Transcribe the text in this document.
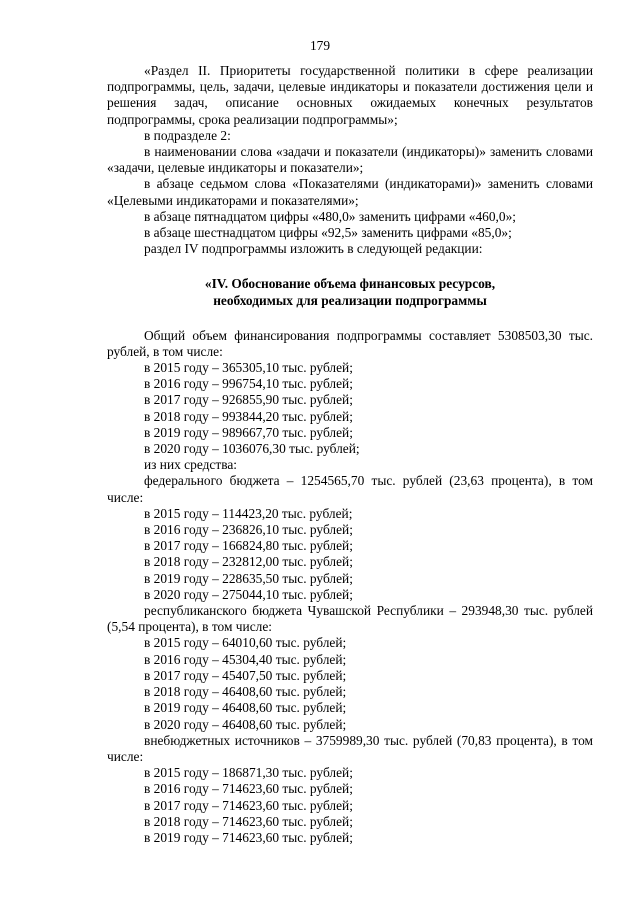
179

«Раздел II. Приоритеты государственной политики в сфере реализации подпрограммы, цель, задачи, целевые индикаторы и показатели достижения цели и решения задач, описание основных ожидаемых конечных результатов подпрограммы, срока реализации подпрограммы»;

в подразделе 2:

в наименовании слова «задачи и показатели (индикаторы)» заменить словами «задачи, целевые индикаторы и показатели»;

в абзаце седьмом слова «Показателями (индикаторами)» заменить словами «Целевыми индикаторами и показателями»;

в абзаце пятнадцатом цифры «480,0» заменить цифрами «460,0»;

в абзаце шестнадцатом цифры «92,5» заменить цифрами «85,0»;

раздел IV подпрограммы изложить в следующей редакции:

«IV. Обоснование объема финансовых ресурсов,
необходимых для реализации подпрограммы

Общий объем финансирования подпрограммы составляет 5308503,30 тыс. рублей, в том числе:

в 2015 году – 365305,10 тыс. рублей;

в 2016 году – 996754,10 тыс. рублей;

в 2017 году – 926855,90 тыс. рублей;

в 2018 году – 993844,20 тыс. рублей;

в 2019 году – 989667,70 тыс. рублей;

в 2020 году – 1036076,30 тыс. рублей;

из них средства:

федерального бюджета – 1254565,70 тыс. рублей (23,63 процента), в том числе:

в 2015 году – 114423,20 тыс. рублей;

в 2016 году – 236826,10 тыс. рублей;

в 2017 году – 166824,80 тыс. рублей;

в 2018 году – 232812,00 тыс. рублей;

в 2019 году – 228635,50 тыс. рублей;

в 2020 году – 275044,10 тыс. рублей;

республиканского бюджета Чувашской Республики – 293948,30 тыс. рублей (5,54 процента), в том числе:

в 2015 году – 64010,60 тыс. рублей;

в 2016 году – 45304,40 тыс. рублей;

в 2017 году – 45407,50 тыс. рублей;

в 2018 году – 46408,60 тыс. рублей;

в 2019 году – 46408,60 тыс. рублей;

в 2020 году – 46408,60 тыс. рублей;

внебюджетных источников – 3759989,30 тыс. рублей (70,83 процента), в том числе:

в 2015 году – 186871,30 тыс. рублей;

в 2016 году – 714623,60 тыс. рублей;

в 2017 году – 714623,60 тыс. рублей;

в 2018 году – 714623,60 тыс. рублей;

в 2019 году – 714623,60 тыс. рублей;
